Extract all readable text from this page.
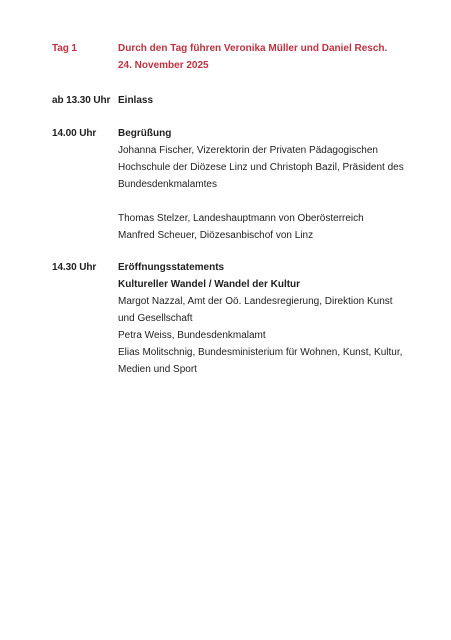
Tag 1	Durch den Tag führen Veronika Müller und Daniel Resch.
24. November 2025
ab 13.30 Uhr Einlass
14.00 Uhr	Begrüßung
Johanna Fischer, Vizerektorin der Privaten Pädagogischen
Hochschule der Diözese Linz und Christoph Bazil, Präsident des
Bundesdenkmalamtes
Thomas Stelzer, Landeshauptmann von Oberösterreich
Manfred Scheuer, Diözesanbischof von Linz
14.30 Uhr	Eröffnungsstatements
Kultureller Wandel / Wandel der Kultur
Margot Nazzal, Amt der Oö. Landesregierung, Direktion Kunst
und Gesellschaft
Petra Weiss, Bundesdenkmalamt
Elias Molitschnig, Bundesministerium für Wohnen, Kunst, Kultur,
Medien und Sport
